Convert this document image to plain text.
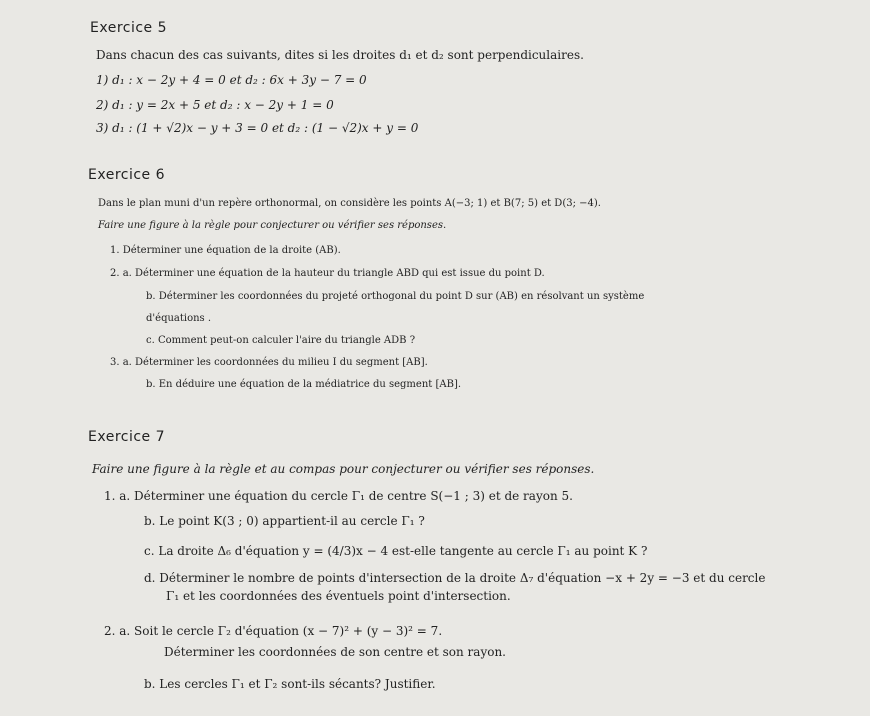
Exercice 5
Dans chacun des cas suivants, dites si les droites d₁ et d₂ sont perpendiculaires.
1) d₁ : x − 2y + 4 = 0 et d₂ : 6x + 3y − 7 = 0
2) d₁ : y = 2x + 5 et d₂ : x − 2y + 1 = 0
3) d₁ : (1 + √2)x − y + 3 = 0 et d₂ : (1 − √2)x + y = 0
Exercice 6
Dans le plan muni d'un repère orthonormal, on considère les points A(−3; 1) et B(7; 5) et D(3; −4).
Faire une figure à la règle pour conjecturer ou vérifier ses réponses.
1. Déterminer une équation de la droite (AB).
2. a. Déterminer une équation de la hauteur du triangle ABD qui est issue du point D.
b. Déterminer les coordonnées du projeté orthogonal du point D sur (AB) en résolvant un système
d'équations .
c. Comment peut-on calculer l'aire du triangle ADB ?
3. a. Déterminer les coordonnées du milieu I du segment [AB].
b. En déduire une équation de la médiatrice du segment [AB].
Exercice 7
Faire une figure à la règle et au compas pour conjecturer ou vérifier ses réponses.
1. a. Déterminer une équation du cercle Γ₁ de centre S(−1 ; 3) et de rayon 5.
b. Le point K(3 ; 0) appartient-il au cercle Γ₁ ?
c. La droite Δ₆ d'équation y = (4/3)x − 4 est-elle tangente au cercle Γ₁ au point K ?
d. Déterminer le nombre de points d'intersection de la droite Δ₇ d'équation −x + 2y = −3 et du cercle
Γ₁ et les coordonnées des éventuels point d'intersection.
2. a. Soit le cercle Γ₂ d'équation (x − 7)² + (y − 3)² = 7.
Déterminer les coordonnées de son centre et son rayon.
b. Les cercles Γ₁ et Γ₂ sont-ils sécants? Justifier.
